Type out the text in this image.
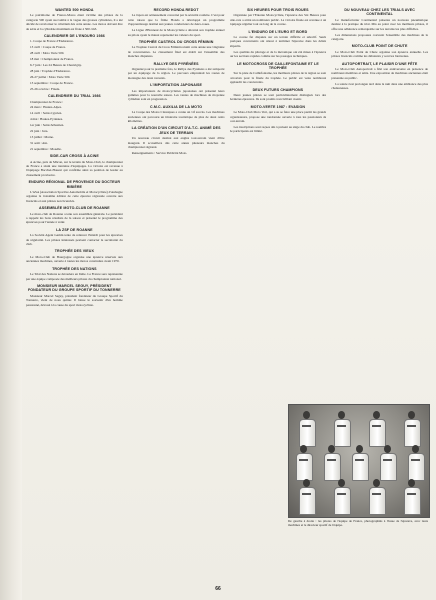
WANTED 500 HONDA
Le patrimoine de France-Motos étant victime des pilotes de la catégorie 500 ayant succombé à la vague des grosses cylindrées, il a été décidé de revaloriser le critérium dès cette année. Les motos doivent être de série et la cylindrée maximum est fixée à 500 cm3.
CALENDRIER DE L'ENDURO 1986
1. Coupe de France d'Endurance.
13 avril : Coupe de France.
28 avril : Moto Verte 500.
18 mai : Championnat de France.
6-7 juin : Les 24 Heures de Chauvigny.
28 juin : Trophée d'Endurance.
26-27 juillet : Moto Verte 500.
13 septembre : Coupe de France.
25-26 octobre : Finale.
CALENDRIER DU TRIAL 1986
Championnat de France :
24 mars : Hautes-Alpes.
14 avril : Saint-Cyprien.
4 mai : Hautes-Pyrénées.
1er juin : Saint-Sébastien.
22 juin : Jura.
13 juillet : Marne.
31 août : Ain.
21 septembre : Moselle.
SIDE-CAR CROSS À ACINE
A Acine, près de Mâcon, sur le terrain du Moto-Club, le championnat de France a réuni une trentaine d'équipages. La victoire est revenue à l'équipage Bacchet-Houzet qui confirme ainsi sa position de leader au classement provisoire.
ENDURO RÉGIONAL DE PROVENCE DU DOCTEUR RIBIÈRE
L'ASA (Association Sportive Automobile et Motocycliste) d'Aubagne organise la troisième édition de cette épreuve régionale ouverte aux licenciés et aux pilotes non licenciés.
ASSEMBLÉE MOTO-CLUB DE ROANNE
Le moto-club de Roanne a tenu son assemblée générale. Le président a rappelé les bons résultats de la saison et présenté le programme des épreuves pour l'année à venir.
LA ZSF DE ROANNE
La Société Agent Gamin tente de relancer l'intérêt pour les épreuves de régularité. Les pilotes intéressés peuvent contacter le secrétariat du club.
TROPHÉE DES VIEUX
Le Moto-Club de Bourgogne organise une épreuve réservée aux anciennes machines, ouverte à toutes les motos construites avant 1970.
TROPHÉE DES NATIONS
Le Trial des Nations se déroulera en Italie. La France sera représentée par une équipe composée des meilleurs pilotes du championnat national.
MONSIEUR MARCEL SEGUY, PRÉSIDENT FONDATEUR DU GROUPE SPORTIF DU TONNERRE
Monsieur Marcel Seguy, président fondateur du Groupe Sportif du Tonnerre, vient de nous quitter. Il laisse le souvenir d'un homme passionné, dévoué à la cause du sport motocycliste.
RECORD HONDA REDOT
Le Japon est sérieusement concerné par la sécurité routière. C'est pour cette raison que la firme Honda a développé un programme d'apprentissage destiné aux jeunes conducteurs de deux-roues.
La Ligue d'Honneur de la Motocyclette a décerné son trophée annuel au pilote ayant le mieux représenté les valeurs du sport.
TROPHÉE CASTROL DU CROSS FÉMININ
Le Trophée Castrol du Cross Féminin réunit cette année une vingtaine de concurrentes. Le classement final est établi sur l'ensemble des manches disputées.
RALLYE DES PYRÉNÉES
Organisé pour la première fois, le Rallye des Pyrénées a été remporté par un équipage de la région. Le parcours empruntait les routes de montagne des deux versants.
L'IMPORTATION JAPONAISE
Les importateurs de motocyclettes japonaises ont présenté leurs gammes pour la nouvelle saison. Les ventes de machines de moyenne cylindrée sont en progression.
C.M.C. AUXILIA DE LA MOTO
La Coupe des Motos Classiques a connu un vif succès. Les machines anciennes ont parcouru un itinéraire touristique de plus de deux cents kilomètres.
LA CRÉATION D'UN CIRCUIT D'A.T.C. ANIMÉ DES JEUX DE TERRAIN
Un nouveau circuit destiné aux engins tout-terrain vient d'être inauguré. Il accueillera dès cette année plusieurs manches du championnat régional.
Renseignements : Service Publicité Moto.
SIX HEURES POUR TROIS ROUES
Organisée par l'Entente Motocycliste, l'épreuve des Six Heures pour side-cars a attiré un nombreux public. La victoire finale est revenue à un équipage régulier tout au long de la course.
L'ENDURO DE L'EURO ET BORD
La course fut disputée sur un terrain difficile et sélectif. Seuls quelques concurrents ont réussi à terminer l'épreuve dans les délais impartis.
Les qualités du pilotage et de la mécanique ont été mises à l'épreuve sur les sections rapides comme sur les passages techniques.
LE MOTOCROSS DE CAILLEFONTAINE ET LE TROPHÉE
Sur la piste de Caillefontaine, les meilleurs pilotes de la région se sont retrouvés pour la finale du trophée. Le public est venu nombreux applaudir les concurrents.
DEUX FUTURS CHAMPIONS
Deux jeunes pilotes se sont particulièrement distingués lors des dernières épreuves. Ils sont promis à un brillant avenir.
MOTO-VERTE 1987 : EVASION
Le Moto-Club Moto Vert, qui a su se faire une place parmi les grands organisateurs, propose une randonnée ouverte à tous les passionnés de tout-terrain.
Les inscriptions sont reçues dès à présent au siège du club. Le nombre de participants est limité.
DU NOUVEAU CHEZ LES TRIALS AVEC CONTINENTAL
Le manufacturier Continental présente un nouveau pneumatique destiné à la pratique du trial. Mis au point avec les meilleurs pilotes, il offre une adhérence remarquable sur les terrains les plus difficiles.
Les dimensions proposées couvrent l'ensemble des machines de la catégorie.
MOTO-CLUB POINT DE CHUTE
Le Moto-Club Point de Chute organise son épreuve annuelle. Les pilotes licenciés comme les débutants y sont les bienvenus.
AUTOPORTRAIT, LE PLAISIR D'UNE FÊTE
Le Moto-Club Autoportrait a fêté son anniversaire en présence de nombreux membres et amis. Une exposition de machines anciennes était présentée au public.
La soirée s'est prolongée tard dans la nuit dans une ambiance des plus chaleureuses.
De gauche à droite : les pilotes de l'équipe de France, photographiés à l'issue de l'épreuve, avec leurs machines et le directeur sportif de l'équipe.
66
